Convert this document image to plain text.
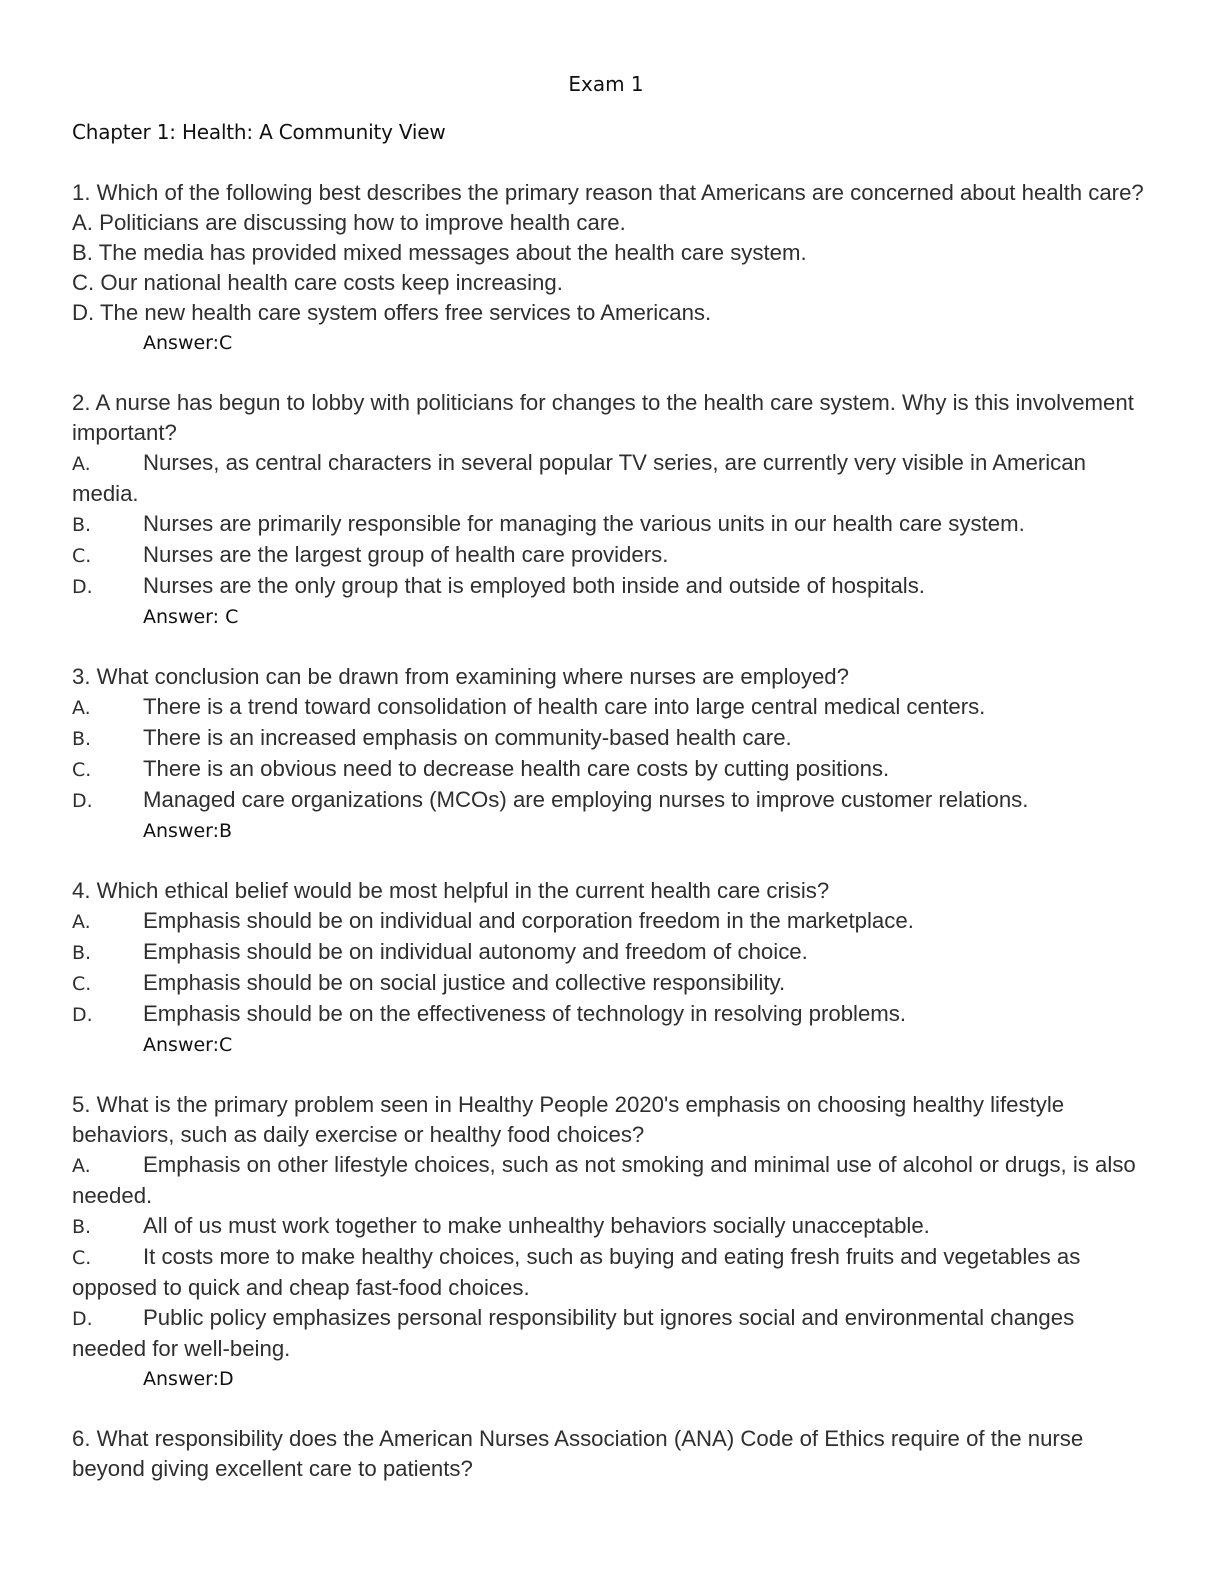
Exam 1
Chapter 1: Health: A Community View
1. Which of the following best describes the primary reason that Americans are concerned about health care?
A. Politicians are discussing how to improve health care.
B. The media has provided mixed messages about the health care system.
C. Our national health care costs keep increasing.
D. The new health care system offers free services to Americans.
Answer:C
2. A nurse has begun to lobby with politicians for changes to the health care system. Why is this involvement important?
A. Nurses, as central characters in several popular TV series, are currently very visible in American media.
B. Nurses are primarily responsible for managing the various units in our health care system.
C. Nurses are the largest group of health care providers.
D. Nurses are the only group that is employed both inside and outside of hospitals.
Answer: C
3. What conclusion can be drawn from examining where nurses are employed?
A. There is a trend toward consolidation of health care into large central medical centers.
B. There is an increased emphasis on community-based health care.
C. There is an obvious need to decrease health care costs by cutting positions.
D. Managed care organizations (MCOs) are employing nurses to improve customer relations.
Answer:B
4. Which ethical belief would be most helpful in the current health care crisis?
A. Emphasis should be on individual and corporation freedom in the marketplace.
B. Emphasis should be on individual autonomy and freedom of choice.
C. Emphasis should be on social justice and collective responsibility.
D. Emphasis should be on the effectiveness of technology in resolving problems.
Answer:C
5. What is the primary problem seen in Healthy People 2020's emphasis on choosing healthy lifestyle behaviors, such as daily exercise or healthy food choices?
A. Emphasis on other lifestyle choices, such as not smoking and minimal use of alcohol or drugs, is also needed.
B. All of us must work together to make unhealthy behaviors socially unacceptable.
C. It costs more to make healthy choices, such as buying and eating fresh fruits and vegetables as opposed to quick and cheap fast-food choices.
D. Public policy emphasizes personal responsibility but ignores social and environmental changes needed for well-being.
Answer:D
6. What responsibility does the American Nurses Association (ANA) Code of Ethics require of the nurse beyond giving excellent care to patients?
